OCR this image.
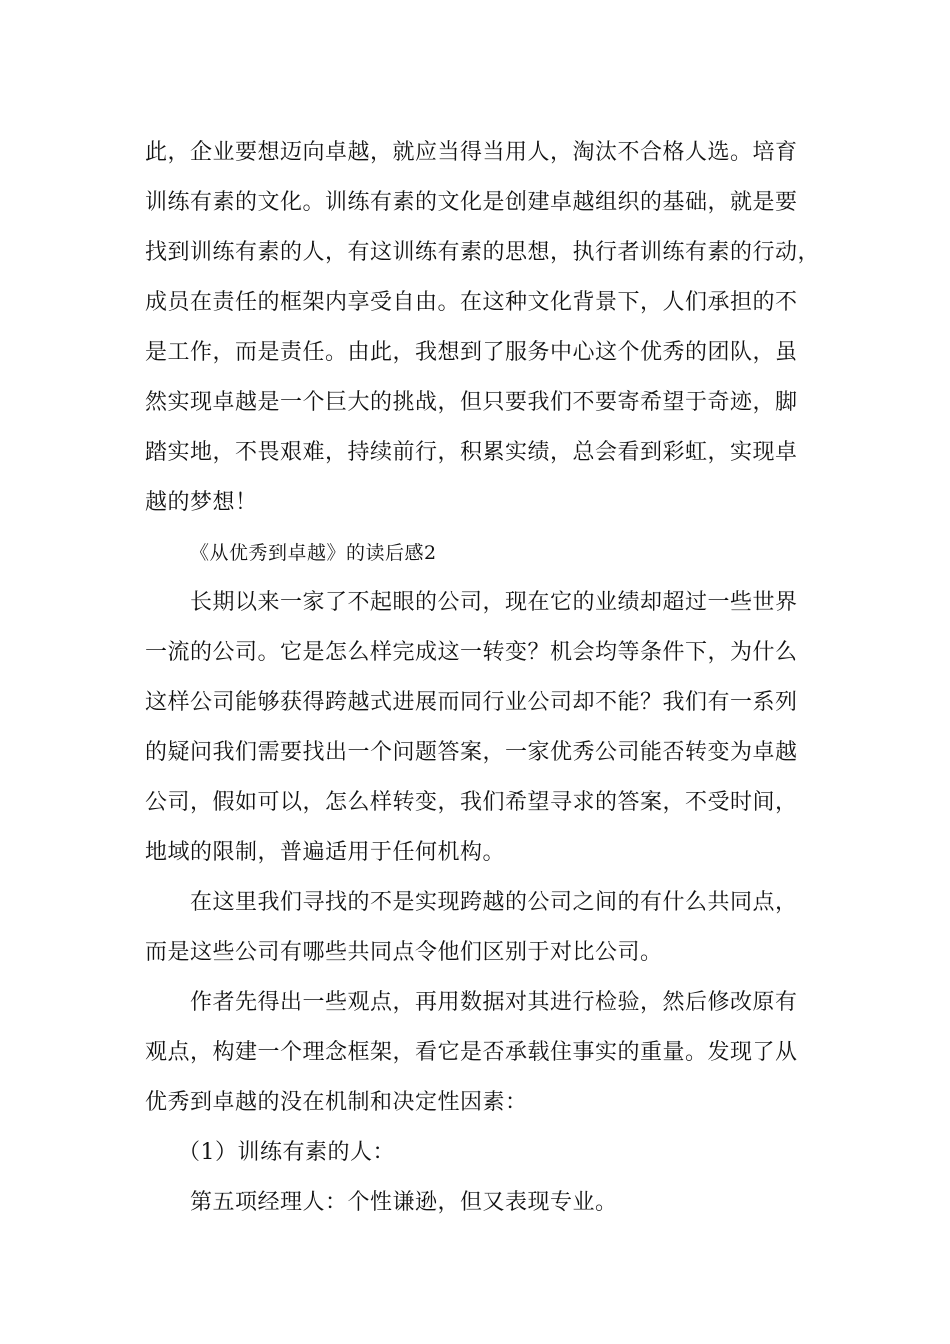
此，企业要想迈向卓越，就应当得当用人，淘汰不合格人选。培育
训练有素的文化。训练有素的文化是创建卓越组织的基础，就是要
找到训练有素的人，有这训练有素的思想，执行者训练有素的行动，
成员在责任的框架内享受自由。在这种文化背景下，人们承担的不
是工作，而是责任。由此，我想到了服务中心这个优秀的团队，虽
然实现卓越是一个巨大的挑战，但只要我们不要寄希望于奇迹，脚
踏实地，不畏艰难，持续前行，积累实绩，总会看到彩虹，实现卓
越的梦想！
《从优秀到卓越》的读后感2
长期以来一家了不起眼的公司，现在它的业绩却超过一些世界
一流的公司。它是怎么样完成这一转变？机会均等条件下，为什么
这样公司能够获得跨越式进展而同行业公司却不能？我们有一系列
的疑问我们需要找出一个问题答案，一家优秀公司能否转变为卓越
公司，假如可以，怎么样转变，我们希望寻求的答案，不受时间，
地域的限制，普遍适用于任何机构。
在这里我们寻找的不是实现跨越的公司之间的有什么共同点，
而是这些公司有哪些共同点令他们区别于对比公司。
作者先得出一些观点，再用数据对其进行检验，然后修改原有
观点，构建一个理念框架，看它是否承载住事实的重量。发现了从
优秀到卓越的没在机制和决定性因素：
（1）训练有素的人：
第五项经理人：个性谦逊，但又表现专业。
